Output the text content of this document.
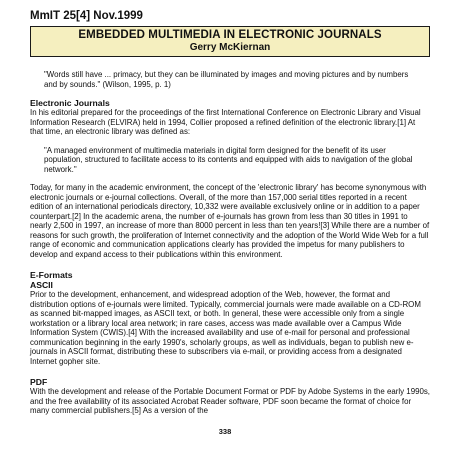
MmIT 25[4] Nov.1999
EMBEDDED MULTIMEDIA IN ELECTRONIC JOURNALS
Gerry McKiernan

"Words still have ... primacy, but they can be illuminated by images and moving pictures and by numbers and by sounds." (Wilson, 1995, p. 1)

Electronic Journals

In his editorial prepared for the proceedings of the first International Conference on Electronic Library and Visual Information Research (ELVIRA) held in 1994, Collier proposed a refined definition of the electronic library.[1] At that time, an electronic library was defined as:

"A managed environment of multimedia materials in digital form designed for the benefit of its user population, structured to facilitate access to its contents and equipped with aids to navigation of the global network."

Today, for many in the academic environment, the concept of the 'electronic library' has become synonymous with electronic journals or e-journal collections. Overall, of the more than 157,000 serial titles reported in a recent edition of an international periodicals directory, 10,332 were available exclusively online or in addition to a paper counterpart.[2] In the academic arena, the number of e-journals has grown from less than 30 titles in 1991 to nearly 2,500 in 1997, an increase of more than 8000 percent in less than ten years![3] While there are a number of reasons for such growth, the proliferation of Internet connectivity and the adoption of the World Wide Web for a full range of economic and communication applications clearly has provided the impetus for many publishers to develop and expand access to their publications within this environment.

E-Formats
ASCII

Prior to the development, enhancement, and widespread adoption of the Web, however, the format and distribution options of e-journals were limited. Typically, commercial journals were made available on a CD-ROM as scanned bit-mapped images, as ASCII text, or both. In general, these were accessible only from a single workstation or a library local area network; in rare cases, access was made available over a Campus Wide Information System (CWIS).[4] With the increased availability and use of e-mail for personal and professional communication beginning in the early 1990's, scholarly groups, as well as individuals, began to publish new e-journals in ASCII format, distributing these to subscribers via e-mail, or providing access from a designated Internet gopher site.

PDF

With the development and release of the Portable Document Format or PDF by Adobe Systems in the early 1990s, and the free availability of its associated Acrobat Reader software, PDF soon became the format of choice for many commercial publishers.[5] As a version of the

338
